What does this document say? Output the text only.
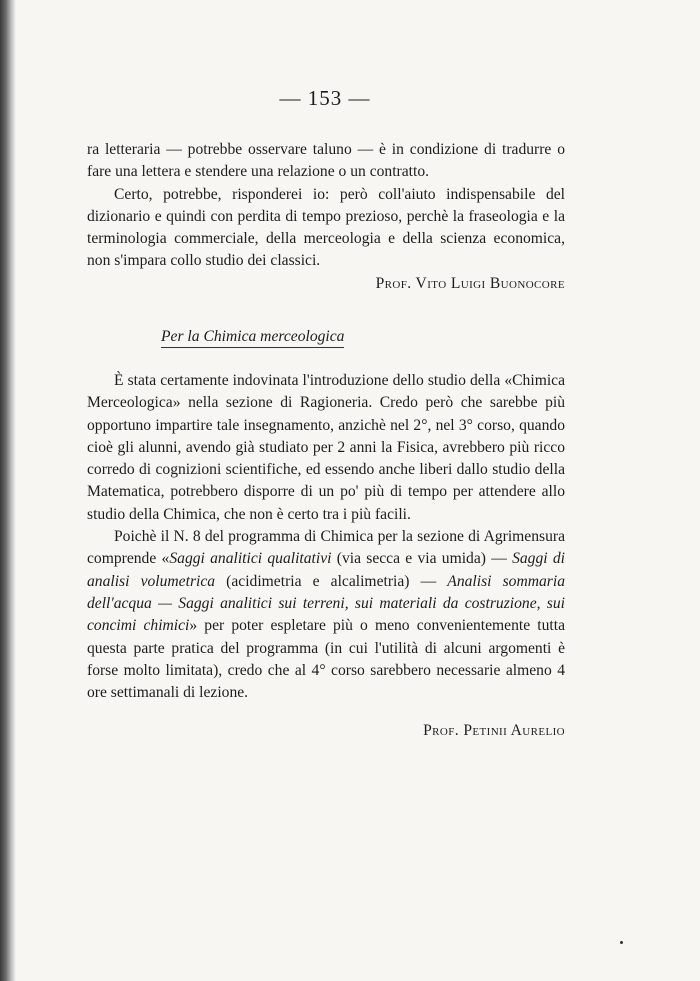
— 153 —

ra letteraria — potrebbe osservare taluno — è in condizione di tradurre o fare una lettera e stendere una relazione o un contratto.

Certo, potrebbe, risponderei io: però coll'aiuto indispensabile del dizionario e quindi con perdita di tempo prezioso, perchè la fraseologia e la terminologia commerciale, della merceologia e della scienza economica, non s'impara collo studio dei classici.

Prof. Vito Luigi Buonocore
Per la Chimica merceologica

È stata certamente indovinata l'introduzione dello studio della «Chimica Merceologica» nella sezione di Ragioneria. Credo però che sarebbe più opportuno impartire tale insegnamento, anzichè nel 2°, nel 3° corso, quando cioè gli alunni, avendo già studiato per 2 anni la Fisica, avrebbero più ricco corredo di cognizioni scientifiche, ed essendo anche liberi dallo studio della Matematica, potrebbero disporre di un po' più di tempo per attendere allo studio della Chimica, che non è certo tra i più facili.

Poichè il N. 8 del programma di Chimica per la sezione di Agrimensura comprende «Saggi analitici qualitativi (via secca e via umida) — Saggi di analisi volumetrica (acidimetria e alcalimetria) — Analisi sommaria dell'acqua — Saggi analitici sui terreni, sui materiali da costruzione, sui concimi chimici» per poter espletare più o meno convenientemente tutta questa parte pratica del programma (in cui l'utilità di alcuni argomenti è forse molto limitata), credo che al 4° corso sarebbero necessarie almeno 4 ore settimanali di lezione.

Prof. Petinii Aurelio
